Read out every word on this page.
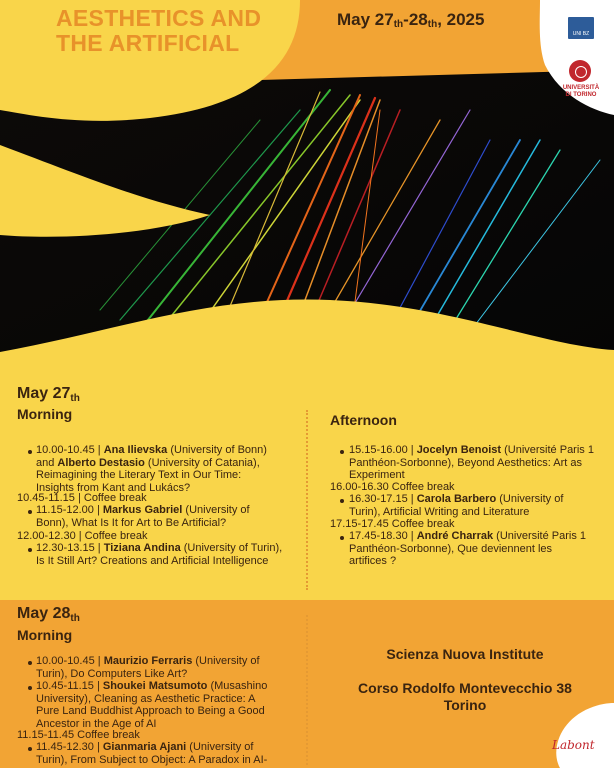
AESTHETICS AND
THE ARTIFICIAL
May $27_{th}-28_{th}$, 2025
UNI BZ
UNIVERSITÀ DI TORINO
May $27_{th}$
Morning
10.00-10.45 | Ana Ilievska (University of Bonn)
and Alberto Destasio (University of Catania),
Reimagining the Literary Text in Our Time:
Insights from Kant and Lukács?
10.45-11.15 | Coffee break
11.15-12.00 | Markus Gabriel (University of
Bonn), What Is It for Art to Be Artificial?
12.00-12.30 | Coffee break
12.30-13.15 | Tiziana Andina (University of Turin),
Is It Still Art? Creations and Artificial Intelligence
Afternoon
15.15-16.00 | Jocelyn Benoist (Université Paris 1
Panthéon-Sorbonne), Beyond Aesthetics: Art as
Experiment
16.00-16.30 Coffee break
16.30-17.15 | Carola Barbero (University of
Turin), Artificial Writing and Literature
17.15-17.45 Coffee break
17.45-18.30 | André Charrak (Université Paris 1
Panthéon-Sorbonne), Que deviennent les
artifices ?
May $28_{th}$
Morning
10.00-10.45 | Maurizio Ferraris (University of
Turin), Do Computers Like Art?
10.45-11.15 | Shoukei Matsumoto (Musashino
University), Cleaning as Aesthetic Practice: A
Pure Land Buddhist Approach to Being a Good
Ancestor in the Age of AI
11.15-11.45 Coffee break
11.45-12.30 | Gianmaria Ajani (University of
Turin), From Subject to Object: A Paradox in AI-
Scienza Nuova Institute
Corso Rodolfo Montevecchio 38
Torino
Labont
